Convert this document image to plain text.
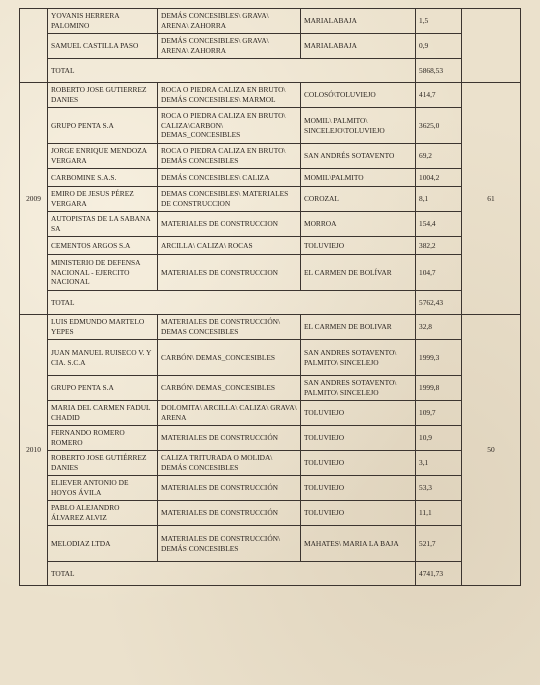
	YOVANIS HERRERA PALOMINO	DEMÁS CONCESIBLES\ GRAVA\ ARENA\ ZAHORRA	MARIALABAJA	1,5	
	SAMUEL CASTILLA PASO	DEMÁS CONCESIBLES\ GRAVA\ ARENA\ ZAHORRA	MARIALABAJA	0,9	
	TOTAL			5868,53	
2009	ROBERTO JOSE GUTIERREZ DANIES	ROCA O PIEDRA CALIZA EN BRUTO\ DEMÁS CONCESIBLES\ MARMOL	COLOSÓ\TOLUVIEJO	414,7	61
	GRUPO PENTA S.A	ROCA O PIEDRA CALIZA EN BRUTO\ CALIZA\CARBON\ DEMAS_CONCESIBLES	MOMIL\ PALMITO\ SINCELEJO\TOLUVIEJO	3625,0	
	JORGE ENRIQUE MENDOZA VERGARA	ROCA O PIEDRA CALIZA EN BRUTO\ DEMÁS CONCESIBLES	SAN ANDRÉS SOTAVENTO	69,2	
	CARBOMINE S.A.S.	DEMÁS CONCESIBLES\ CALIZA	MOMIL\PALMITO	1004,2	
	EMIRO DE JESUS PÉREZ VERGARA	DEMAS CONCESIBLES\ MATERIALES DE CONSTRUCCION	COROZAL	8,1	
	AUTOPISTAS DE LA SABANA SA	MATERIALES DE CONSTRUCCION	MORROA	154,4	
	CEMENTOS ARGOS S.A	ARCILLA\ CALIZA\ ROCAS	TOLUVIEJO	382,2	
	MINISTERIO DE DEFENSA NACIONAL - EJERCITO NACIONAL	MATERIALES DE CONSTRUCCION	EL CARMEN DE BOLÍVAR	104,7	
	TOTAL			5762,43	
2010	LUIS EDMUNDO MARTELO YEPES	MATERIALES DE CONSTRUCCIÓN\ DEMAS CONCESIBLES	EL CARMEN DE BOLIVAR	32,8	50
	JUAN MANUEL RUISECO V. Y CIA. S.C.A	CARBÓN\ DEMAS_CONCESIBLES	SAN ANDRES SOTAVENTO\ PALMITO\ SINCELEJO	1999,3	
	GRUPO PENTA S.A	CARBÓN\ DEMAS_CONCESIBLES	SAN ANDRES SOTAVENTO\ PALMITO\ SINCELEJO	1999,8	
	MARIA DEL CARMEN FADUL CHADID	DOLOMITA\ ARCILLA\ CALIZA\ GRAVA\ ARENA	TOLUVIEJO	109,7	
	FERNANDO ROMERO ROMERO	MATERIALES DE CONSTRUCCIÓN	TOLUVIEJO	10,9	
	ROBERTO JOSE GUTIÉRREZ DANIES	CALIZA TRITURADA O MOLIDA\ DEMÁS CONCESIBLES	TOLUVIEJO	3,1	
	ELIEVER ANTONIO DE HOYOS ÁVILA	MATERIALES DE CONSTRUCCIÓN	TOLUVIEJO	53,3	
	PABLO ALEJANDRO ÁLVAREZ ALVIZ	MATERIALES DE CONSTRUCCIÓN	TOLUVIEJO	11,1	
	MELODIAZ LTDA	MATERIALES DE CONSTRUCCIÓN\ DEMÁS CONCESIBLES	MAHATES\ MARIA LA BAJA	521,7	
	TOTAL			4741,73	
